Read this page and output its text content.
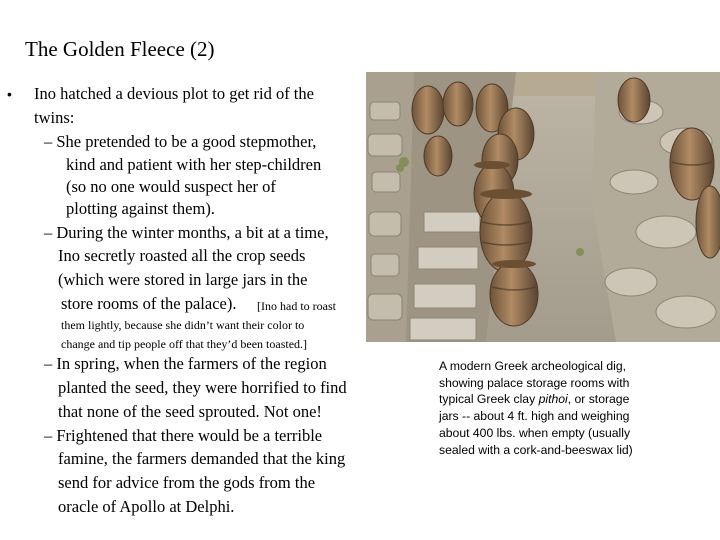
The Golden Fleece (2)
• Ino hatched a devious plot to get rid of the
twins:
– She pretended to be a good stepmother,
kind and patient with her step-children
(so no one would suspect her of
plotting against them).
– During the winter months, a bit at a time,
Ino secretly roasted all the crop seeds
(which were stored in large jars in the
store rooms of the palace). [Ino had to roast
them lightly, because she didn’t want their color to
change and tip people off that they’d been toasted.]
– In spring, when the farmers of the region
planted the seed, they were horrified to find
that none of the seed sprouted. Not one!
– Frightened that there would be a terrible
famine, the farmers demanded that the king
send for advice from the gods from the
oracle of Apollo at Delphi.
A modern Greek archeological dig,
showing palace storage rooms with
typical Greek clay pithoi, or storage
jars -- about 4 ft. high and weighing
about 400 lbs. when empty (usually
sealed with a cork-and-beeswax lid)
